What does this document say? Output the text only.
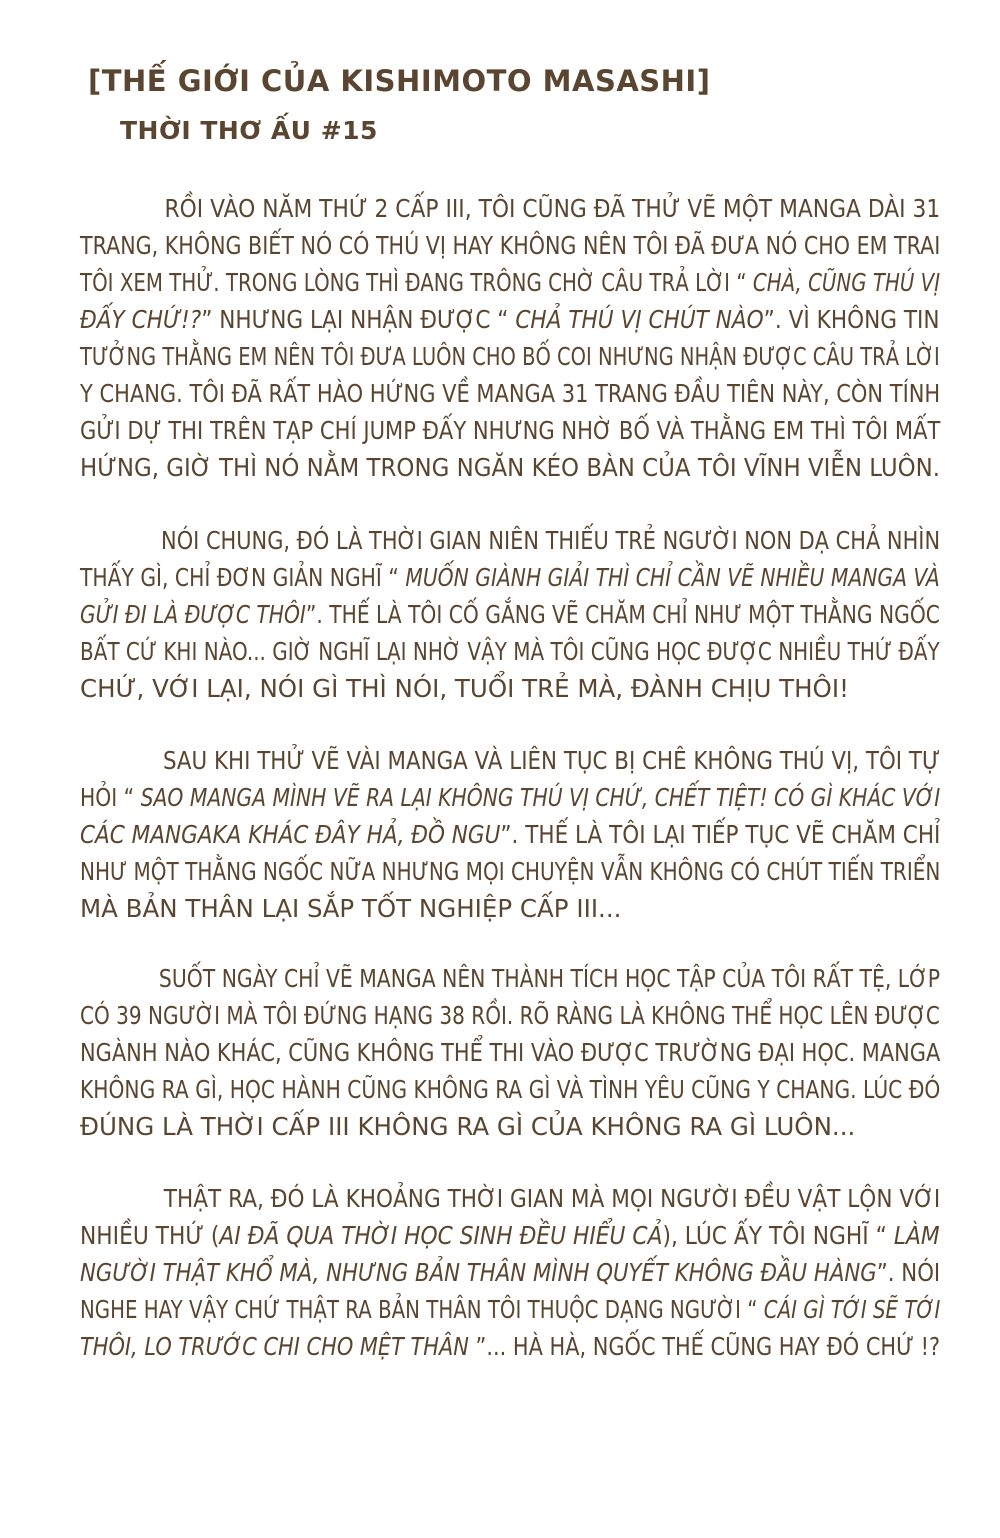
[THẾ GIỚI CỦA KISHIMOTO MASASHI]
THỜI THƠ ẤU #15
RỒI VÀO NĂM THỨ 2 CẤP III, TÔI CŨNG ĐÃ THỬ VẼ MỘT MANGA DÀI 31
TRANG, KHÔNG BIẾT NÓ CÓ THÚ VỊ HAY KHÔNG NÊN TÔI ĐÃ ĐƯA NÓ CHO EM TRAI
TÔI XEM THỬ. TRONG LÒNG THÌ ĐANG TRÔNG CHỜ CÂU TRẢ LỜI “ CHÀ, CŨNG THÚ VỊ
ĐẤY CHỨ!?” NHƯNG LẠI NHẬN ĐƯỢC “ CHẢ THÚ VỊ CHÚT NÀO”. VÌ KHÔNG TIN
TƯỞNG THẰNG EM NÊN TÔI ĐƯA LUÔN CHO BỐ COI NHƯNG NHẬN ĐƯỢC CÂU TRẢ LỜI
Y CHANG. TÔI ĐÃ RẤT HÀO HỨNG VỀ MANGA 31 TRANG ĐẦU TIÊN NÀY, CÒN TÍNH
GỬI DỰ THI TRÊN TẠP CHÍ JUMP ĐẤY NHƯNG NHỜ BỐ VÀ THẰNG EM THÌ TÔI MẤT
HỨNG, GIỜ THÌ NÓ NẰM TRONG NGĂN KÉO BÀN CỦA TÔI VĨNH VIỄN LUÔN.
NÓI CHUNG, ĐÓ LÀ THỜI GIAN NIÊN THIẾU TRẺ NGƯỜI NON DẠ CHẢ NHÌN
THẤY GÌ, CHỈ ĐƠN GIẢN NGHĨ “ MUỐN GIÀNH GIẢI THÌ CHỈ CẦN VẼ NHIỀU MANGA VÀ
GỬI ĐI LÀ ĐƯỢC THÔI”. THẾ LÀ TÔI CỐ GẮNG VẼ CHĂM CHỈ NHƯ MỘT THẰNG NGỐC
BẤT CỨ KHI NÀO... GIỜ NGHĨ LẠI NHỜ VẬY MÀ TÔI CŨNG HỌC ĐƯỢC NHIỀU THỨ ĐẤY
CHỨ, VỚI LẠI, NÓI GÌ THÌ NÓI, TUỔI TRẺ MÀ, ĐÀNH CHỊU THÔI!
SAU KHI THỬ VẼ VÀI MANGA VÀ LIÊN TỤC BỊ CHÊ KHÔNG THÚ VỊ, TÔI TỰ
HỎI “ SAO MANGA MÌNH VẼ RA LẠI KHÔNG THÚ VỊ CHỨ, CHẾT TIỆT! CÓ GÌ KHÁC VỚI
CÁC MANGAKA KHÁC ĐÂY HẢ, ĐỒ NGU”. THẾ LÀ TÔI LẠI TIẾP TỤC VẼ CHĂM CHỈ
NHƯ MỘT THẰNG NGỐC NỮA NHƯNG MỌI CHUYỆN VẪN KHÔNG CÓ CHÚT TIẾN TRIỂN
MÀ BẢN THÂN LẠI SẮP TỐT NGHIỆP CẤP III...
SUỐT NGÀY CHỈ VẼ MANGA NÊN THÀNH TÍCH HỌC TẬP CỦA TÔI RẤT TỆ, LỚP
CÓ 39 NGƯỜI MÀ TÔI ĐỨNG HẠNG 38 RỒI. RÕ RÀNG LÀ KHÔNG THỂ HỌC LÊN ĐƯỢC
NGÀNH NÀO KHÁC, CŨNG KHÔNG THỂ THI VÀO ĐƯỢC TRƯỜNG ĐẠI HỌC. MANGA
KHÔNG RA GÌ, HỌC HÀNH CŨNG KHÔNG RA GÌ VÀ TÌNH YÊU CŨNG Y CHANG. LÚC ĐÓ
ĐÚNG LÀ THỜI CẤP III KHÔNG RA GÌ CỦA KHÔNG RA GÌ LUÔN...
THẬT RA, ĐÓ LÀ KHOẢNG THỜI GIAN MÀ MỌI NGƯỜI ĐỀU VẬT LỘN VỚI
NHIỀU THỨ (AI ĐÃ QUA THỜI HỌC SINH ĐỀU HIỂU CẢ), LÚC ẤY TÔI NGHĨ “ LÀM
NGƯỜI THẬT KHỔ MÀ, NHƯNG BẢN THÂN MÌNH QUYẾT KHÔNG ĐẦU HÀNG”. NÓI
NGHE HAY VẬY CHỨ THẬT RA BẢN THÂN TÔI THUỘC DẠNG NGƯỜI “ CÁI GÌ TỚI SẼ TỚI
THÔI, LO TRƯỚC CHI CHO MỆT THÂN ”... HÀ HÀ, NGỐC THẾ CŨNG HAY ĐÓ CHỨ !?
